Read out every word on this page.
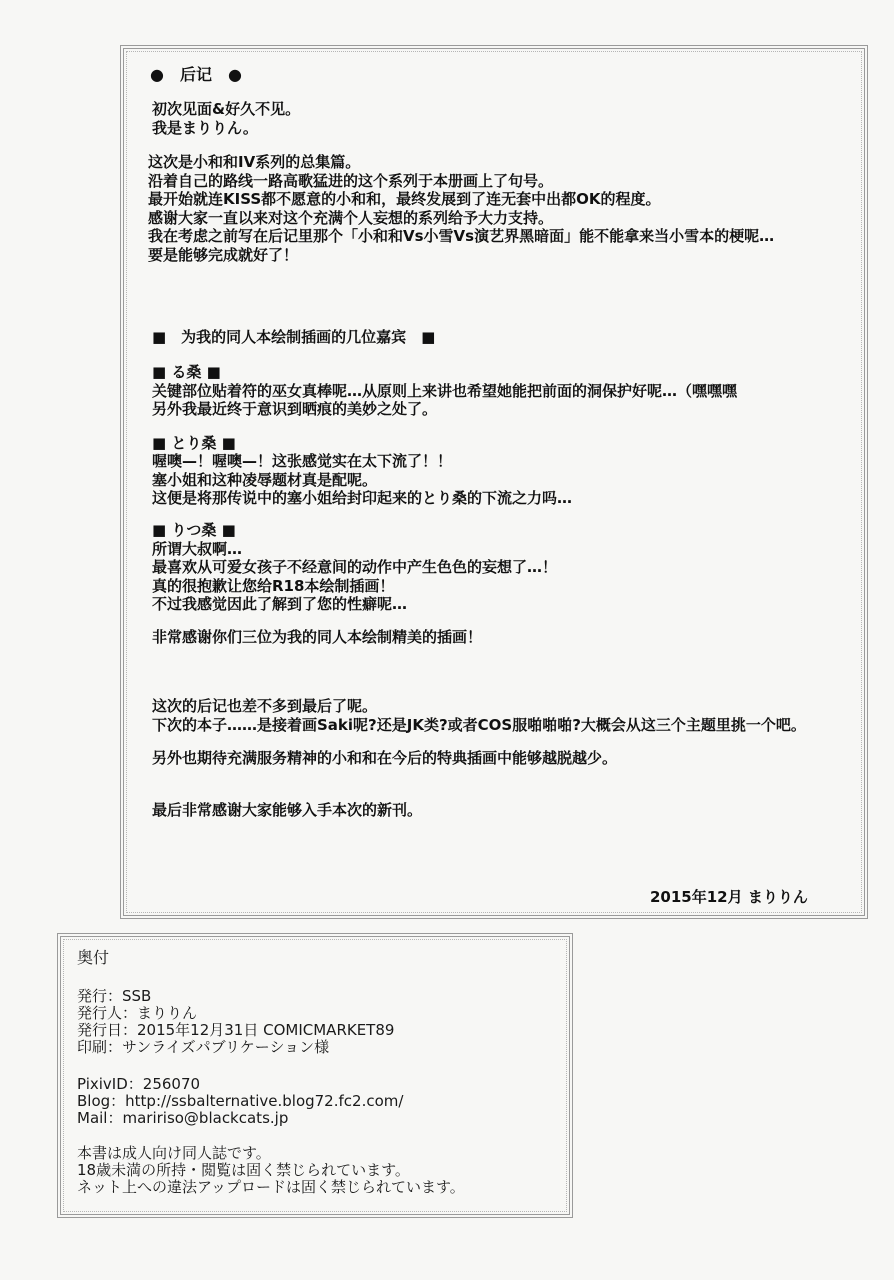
●　后记　●
初次见面&好久不见。
我是まりりん。
这次是小和和IV系列的总集篇。
沿着自己的路线一路高歌猛进的这个系列于本册画上了句号。
最开始就连KISS都不愿意的小和和，最终发展到了连无套中出都OK的程度。
感谢大家一直以来对这个充满个人妄想的系列给予大力支持。
我在考虑之前写在后记里那个「小和和Vs小雪Vs演艺界黑暗面」能不能拿来当小雪本的梗呢…
要是能够完成就好了！
■　为我的同人本绘制插画的几位嘉宾　■
■ る桑 ■
关键部位贴着符的巫女真棒呢…从原则上来讲也希望她能把前面的洞保护好呢…（嘿嘿嘿
另外我最近终于意识到晒痕的美妙之处了。
■ とり桑 ■
喔噢—！喔噢—！这张感觉实在太下流了！！
塞小姐和这种凌辱题材真是配呢。
这便是将那传说中的塞小姐给封印起来的とり桑的下流之力吗…
■ りつ桑 ■
所谓大叔啊…
最喜欢从可爱女孩子不经意间的动作中产生色色的妄想了…！
真的很抱歉让您给R18本绘制插画！
不过我感觉因此了解到了您的性癖呢…
非常感谢你们三位为我的同人本绘制精美的插画！
这次的后记也差不多到最后了呢。
下次的本子……是接着画Saki呢?还是JK类?或者COS服啪啪啪?大概会从这三个主题里挑一个吧。
另外也期待充满服务精神的小和和在今后的特典插画中能够越脱越少。
最后非常感谢大家能够入手本次的新刊。
2015年12月 まりりん
奥付
発行：SSB
発行人：まりりん
発行日：2015年12月31日 COMICMARKET89
印刷：サンライズパブリケーション様
PixivID：256070
Blog：http://ssbalternative.blog72.fc2.com/
Mail：maririso@blackcats.jp
本書は成人向け同人誌です。
18歳未満の所持・閲覧は固く禁じられています。
ネット上への違法アップロードは固く禁じられています。
